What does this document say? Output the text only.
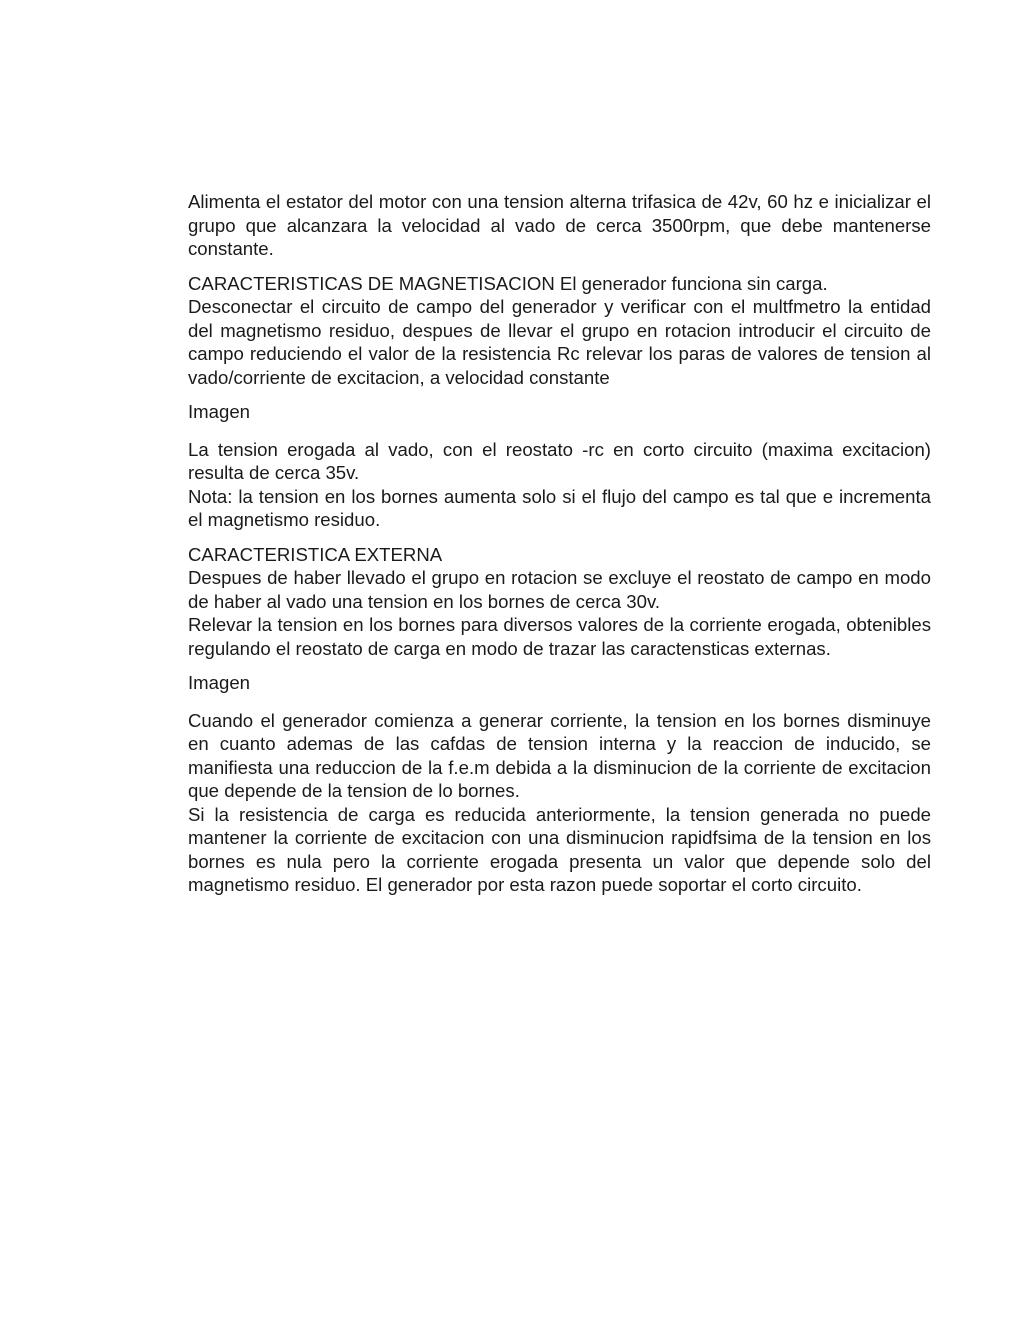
Alimenta el estator del motor con una tension alterna trifasica de 42v, 60 hz e inicializar el grupo que alcanzara la velocidad al vado de cerca 3500rpm, que debe mantenerse constante.

CARACTERISTICAS DE MAGNETISACION El generador funciona sin carga.

Desconectar el circuito de campo del generador y verificar con el multfmetro la entidad del magnetismo residuo, despues de llevar el grupo en rotacion introducir el circuito de campo reduciendo el valor de la resistencia Rc relevar los paras de valores de tension al vado/corriente de excitacion, a velocidad constante

Imagen

La tension erogada al vado, con el reostato -rc en corto circuito (maxima excitacion) resulta de cerca 35v.

Nota: la tension en los bornes aumenta solo si el flujo del campo es tal que e incrementa el magnetismo residuo.

CARACTERISTICA EXTERNA

Despues de haber llevado el grupo en rotacion se excluye el reostato de campo en modo de haber al vado una tension en los bornes de cerca 30v.

Relevar la tension en los bornes para diversos valores de la corriente erogada, obtenibles regulando el reostato de carga en modo de trazar las caractensticas externas.

Imagen

Cuando el generador comienza a generar corriente, la tension en los bornes disminuye en cuanto ademas de las cafdas de tension interna y la reaccion de inducido, se manifiesta una reduccion de la f.e.m debida a la disminucion de la corriente de excitacion que depende de la tension de lo bornes.

Si la resistencia de carga es reducida anteriormente, la tension generada no puede mantener la corriente de excitacion con una disminucion rapidfsima de la tension en los bornes es nula pero la corriente erogada presenta un valor que depende solo del magnetismo residuo. El generador por esta razon puede soportar el corto circuito.
